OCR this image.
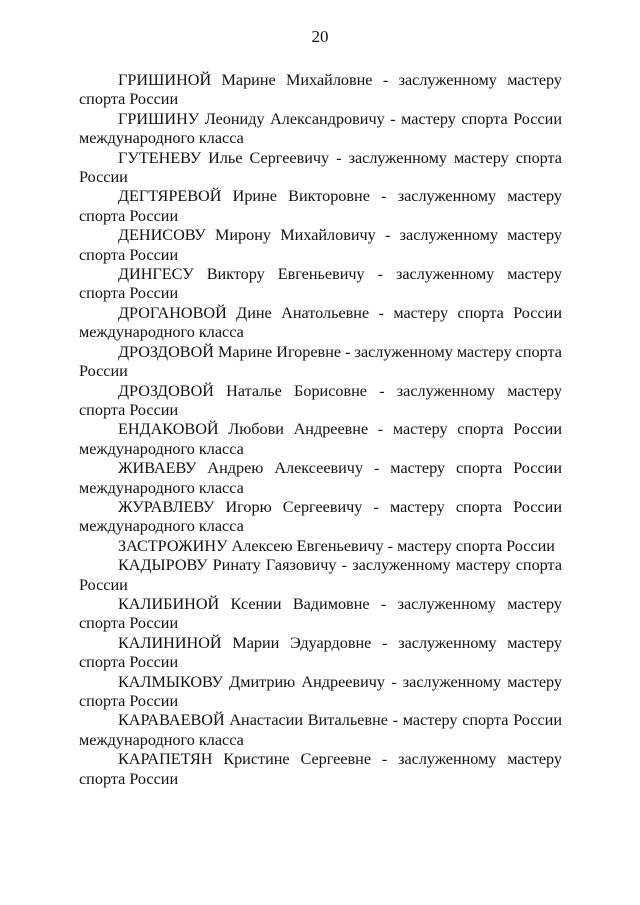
20

ГРИШИНОЙ Марине Михайловне - заслуженному мастеру спорта России

ГРИШИНУ Леониду Александровичу - мастеру спорта России международного класса

ГУТЕНЕВУ Илье Сергеевичу - заслуженному мастеру спорта России

ДЕГТЯРЕВОЙ Ирине Викторовне - заслуженному мастеру спорта России

ДЕНИСОВУ Мирону Михайловичу - заслуженному мастеру спорта России

ДИНГЕСУ Виктору Евгеньевичу - заслуженному мастеру спорта России

ДРОГАНОВОЙ Дине Анатольевне - мастеру спорта России международного класса

ДРОЗДОВОЙ Марине Игоревне - заслуженному мастеру спорта России

ДРОЗДОВОЙ Наталье Борисовне - заслуженному мастеру спорта России

ЕНДАКОВОЙ Любови Андреевне - мастеру спорта России международного класса

ЖИВАЕВУ Андрею Алексеевичу - мастеру спорта России международного класса

ЖУРАВЛЕВУ Игорю Сергеевичу - мастеру спорта России международного класса

ЗАСТРОЖИНУ Алексею Евгеньевичу - мастеру спорта России

КАДЫРОВУ Ринату Гаязовичу - заслуженному мастеру спорта России

КАЛИБИНОЙ Ксении Вадимовне - заслуженному мастеру спорта России

КАЛИНИНОЙ Марии Эдуардовне - заслуженному мастеру спорта России

КАЛМЫКОВУ Дмитрию Андреевичу - заслуженному мастеру спорта России

КАРАВАЕВОЙ Анастасии Витальевне - мастеру спорта России международного класса

КАРАПЕТЯН Кристине Сергеевне - заслуженному мастеру спорта России
